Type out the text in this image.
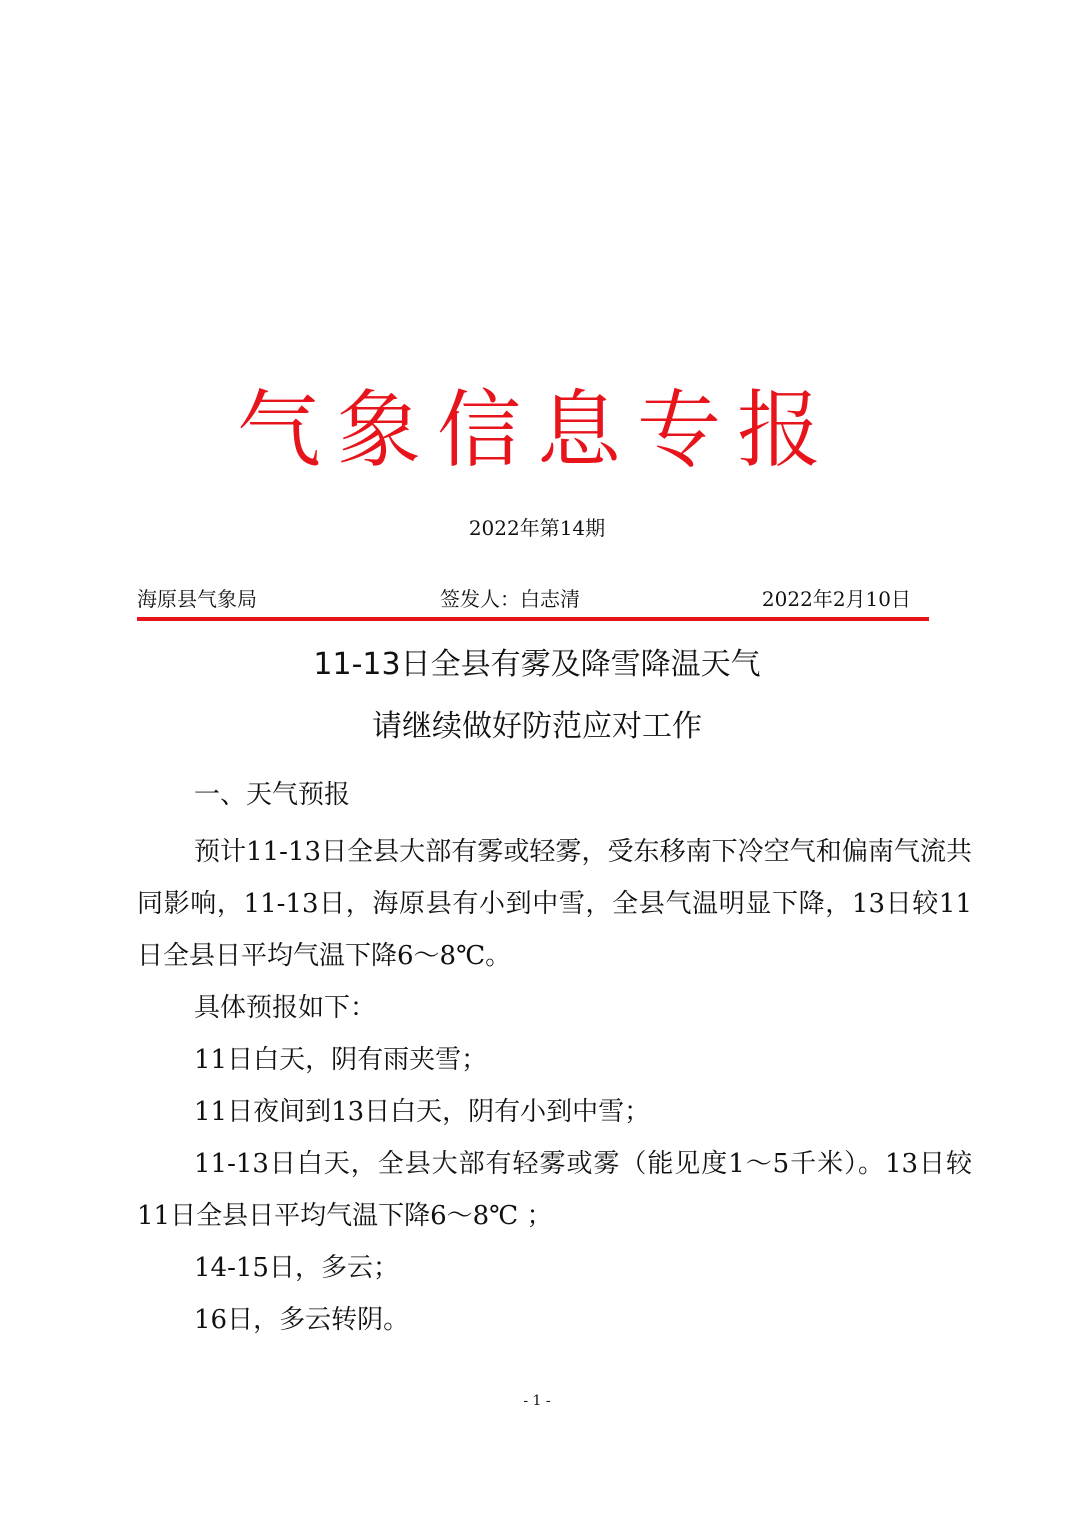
气象信息专报
2022年第14期
海原县气象局	签发人：白志清	2022年2月10日
11-13日全县有雾及降雪降温天气
请继续做好防范应对工作
一、天气预报

预计11-13日全县大部有雾或轻雾，受东移南下冷空气和偏南气流共同影响，11-13日，海原县有小到中雪，全县气温明显下降，13日较11日全县日平均气温下降6～8℃。

具体预报如下：

11日白天，阴有雨夹雪；

11日夜间到13日白天，阴有小到中雪；

11-13日白天，全县大部有轻雾或雾（能见度1～5千米）。13日较11日全县日平均气温下降6～8℃ ；

14-15日，多云；

16日，多云转阴。

- 1 -
